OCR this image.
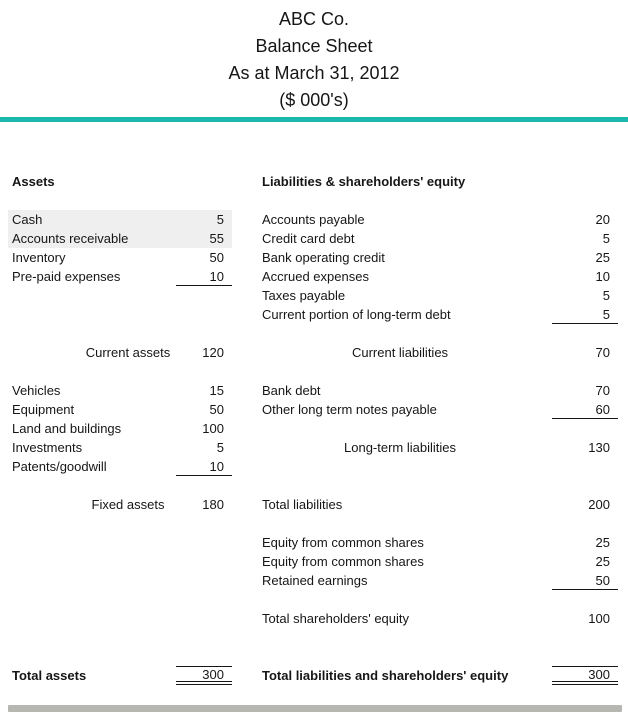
ABC Co.
Balance Sheet
As at March 31, 2012
($ 000's)
Assets
Cash	5
Accounts receivable	55
Inventory	50
Pre-paid expenses	10
Current assets	120
Vehicles	15
Equipment	50
Land and buildings	100
Investments	5
Patents/goodwill	10
Fixed assets	180
Total assets	300
Liabilities & shareholders' equity
Accounts payable	20
Credit card debt	5
Bank operating credit	25
Accrued expenses	10
Taxes payable	5
Current portion of long-term debt	5
Current liabilities	70
Bank debt	70
Other long term notes payable	60
Long-term liabilities	130
Total liabilities	200
Equity from common shares	25
Equity from common shares	25
Retained earnings	50
Total shareholders' equity	100
Total liabilities and shareholders' equity	300
